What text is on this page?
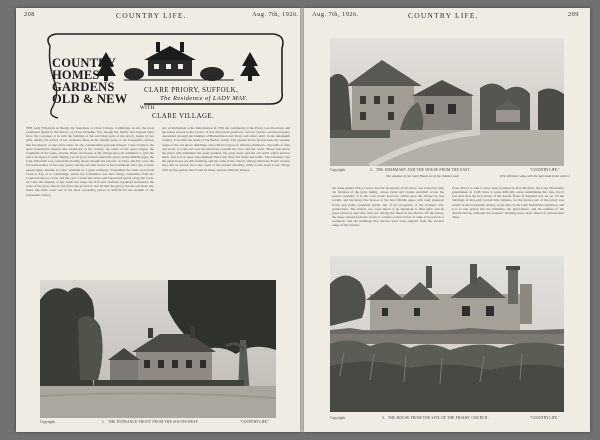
208	COUNTRY LIFE.	Aug. 7th, 1926.
COUNTRY
HOMES
GARDENS
OLD & NEW
CLARE PRIORY, SUFFOLK,
The Residence of LADY MAY.
WITH
CLARE VILLAGE.

THE Lady Elizabeth de Burgh, the foundress of Clare College, Cambridge, is also the most prominent figure in the history of Clare township. For, though her family had reigned there since the Conquest, it is with the building of the surviving parts of the priory, begun by her gifts, during the period of her residence there in the middle years of the fourteenth century, that the history of that place takes on any considerable personal interest. Clare Castle is the most remarkable mound and earthwork in the county; the ruins of the great chapel, the fragments of the walls, and the many old houses of the village have all combined to give the place an aspect of quiet dignity. Let all good fortune attend the priory in the Middle Ages; the Lady Elizabeth was constantly moving about, though the priories of Clare and Ely were the favourite homes of her later years, and the account books of her household show her to have passed many months at Clare, attended by a great company. Sometimes the visits were from Clare to Ely, or to Cambridge, where her foundation was then rising; sometimes from her London house to Clare, and the carts carried her stores and household goods along the roads. At Clare the remains of her castle rise large, her rich and carefully-organised household, the ruins of the great church, the friars she protected, and all that the priory records tell about her, make this little town one of the most rewarding places in Suffolk for the student of the fourteenth century.

Act of Parliament at the Reformation in 1539 the community at the Priory was dissolved, and the house passed to the Crown. It was afterwards granted to various owners, and the property descended through the families of Barnardiston and Poley and others until, in the nineteenth century, it became the home of the Barker family. The present house incorporates the western range of the old priory buildings, and with its long roof, massive chimneys, and walls of flint and stone, it looks out over the meadows towards the river and the castle. Those who know the place will remember the quiet gardens, the great trees, and the old walls which enclose them, and it is in these surroundings that Lady May has made her home. The infirmary and the guest-house are still standing, and the ruins of the church, among which the Friars' cloister may still be traced, lie to the south of the present dwelling, while to the north is the village with its fine parish church and its many ancient timbered houses.

Copyright.	1. THE ENTRANCE FRONT FROM THE SOUTH-WEST.	"COUNTRY LIFE."
Aug. 7th, 1926.	COUNTRY LIFE.	209
Copyright.	2. THE INFIRMARY AND THE HOUSE FROM THE EAST.	"COUNTRY LIFE."
The windows of the Guest House are in the chimney wall.	(The infirmary wing, with the open shed in the centre.)

the areas girded with a crown, and the prosperity of the place was bound up with the fortunes of the great family, whose lands and castles stretched across the eastern counties. It is the wool trade, however, which gave the village its real wealth, and the many fine houses of the later Middle Ages, with their plastered fronts and richly pargetted gables, tell of the prosperity of the clothiers who settled here. The church, too, owes much of its splendour to their gifts, and its great windows and lofty nave are among the finest in the district. Of the priory, the house passed from the crown to various owners before it came to be used as a residence, and the buildings that survive have been adapted from the western range of the cloister.

Clare Priory is said to have been founded by Earl Richard, the Lady Elizabeth's grandfather, in 1248; there is some difficulty about establishing this date, but it was here that the first house of the Austin Friars in England was set up. Of the buildings of that early period little remains, for the greater part of the priory was rebuilt in the fourteenth century, at the time of the Lady Elizabeth's residence, and it is to this period that the infirmary, the guest-house, and the remains of the church belong, although the domestic buildings have been altered at various later dates.

Copyright.	3. THE HOUSE FROM THE SITE OF THE FRIARS' CHURCH.	"COUNTRY LIFE."
